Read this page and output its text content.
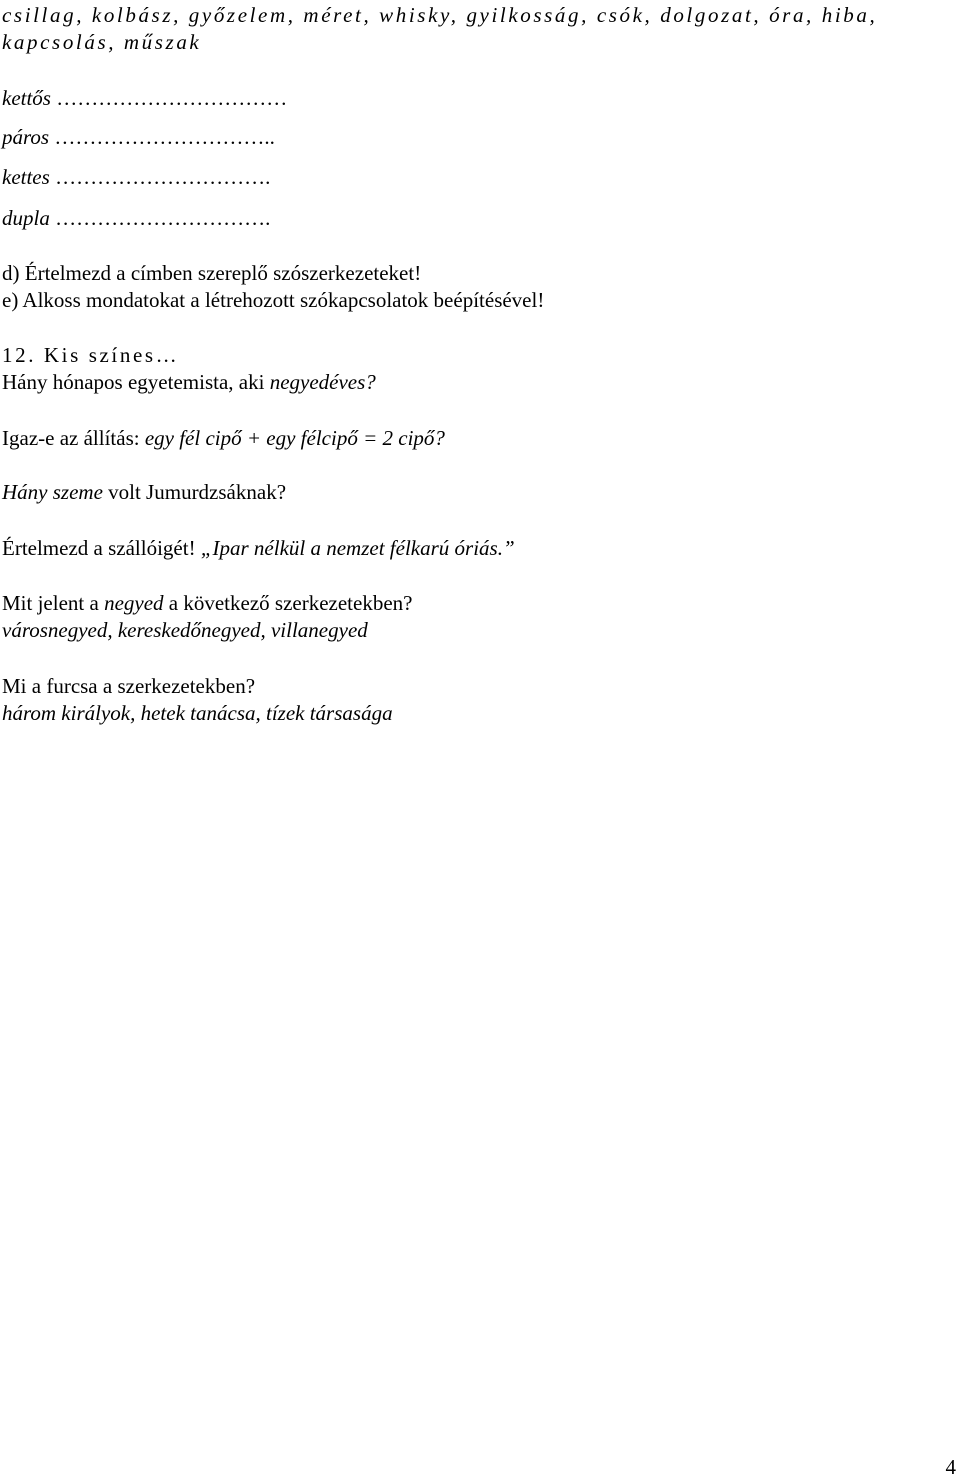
csillag, kolbász, győzelem, méret, whisky, gyilkosság, csók, dolgozat, óra, hiba,
kapcsolás, műszak
kettős ……………………………
páros …………………………..
kettes ………………………….
dupla ………………………….
d) Értelmezd a címben szereplő szószerkezeteket!
e) Alkoss mondatokat a létrehozott szókapcsolatok beépítésével!
12. Kis színes…
Hány hónapos egyetemista, aki negyedéves?
Igaz-e az állítás: egy fél cipő + egy félcipő = 2 cipő?
Hány szeme volt Jumurdzsáknak?
Értelmezd a szállóigét! „Ipar nélkül a nemzet félkarú óriás.”
Mit jelent a negyed a következő szerkezetekben?
városnegyed, kereskedőnegyed, villanegyed
Mi a furcsa a szerkezetekben?
három királyok, hetek tanácsa, tízek társasága
4
